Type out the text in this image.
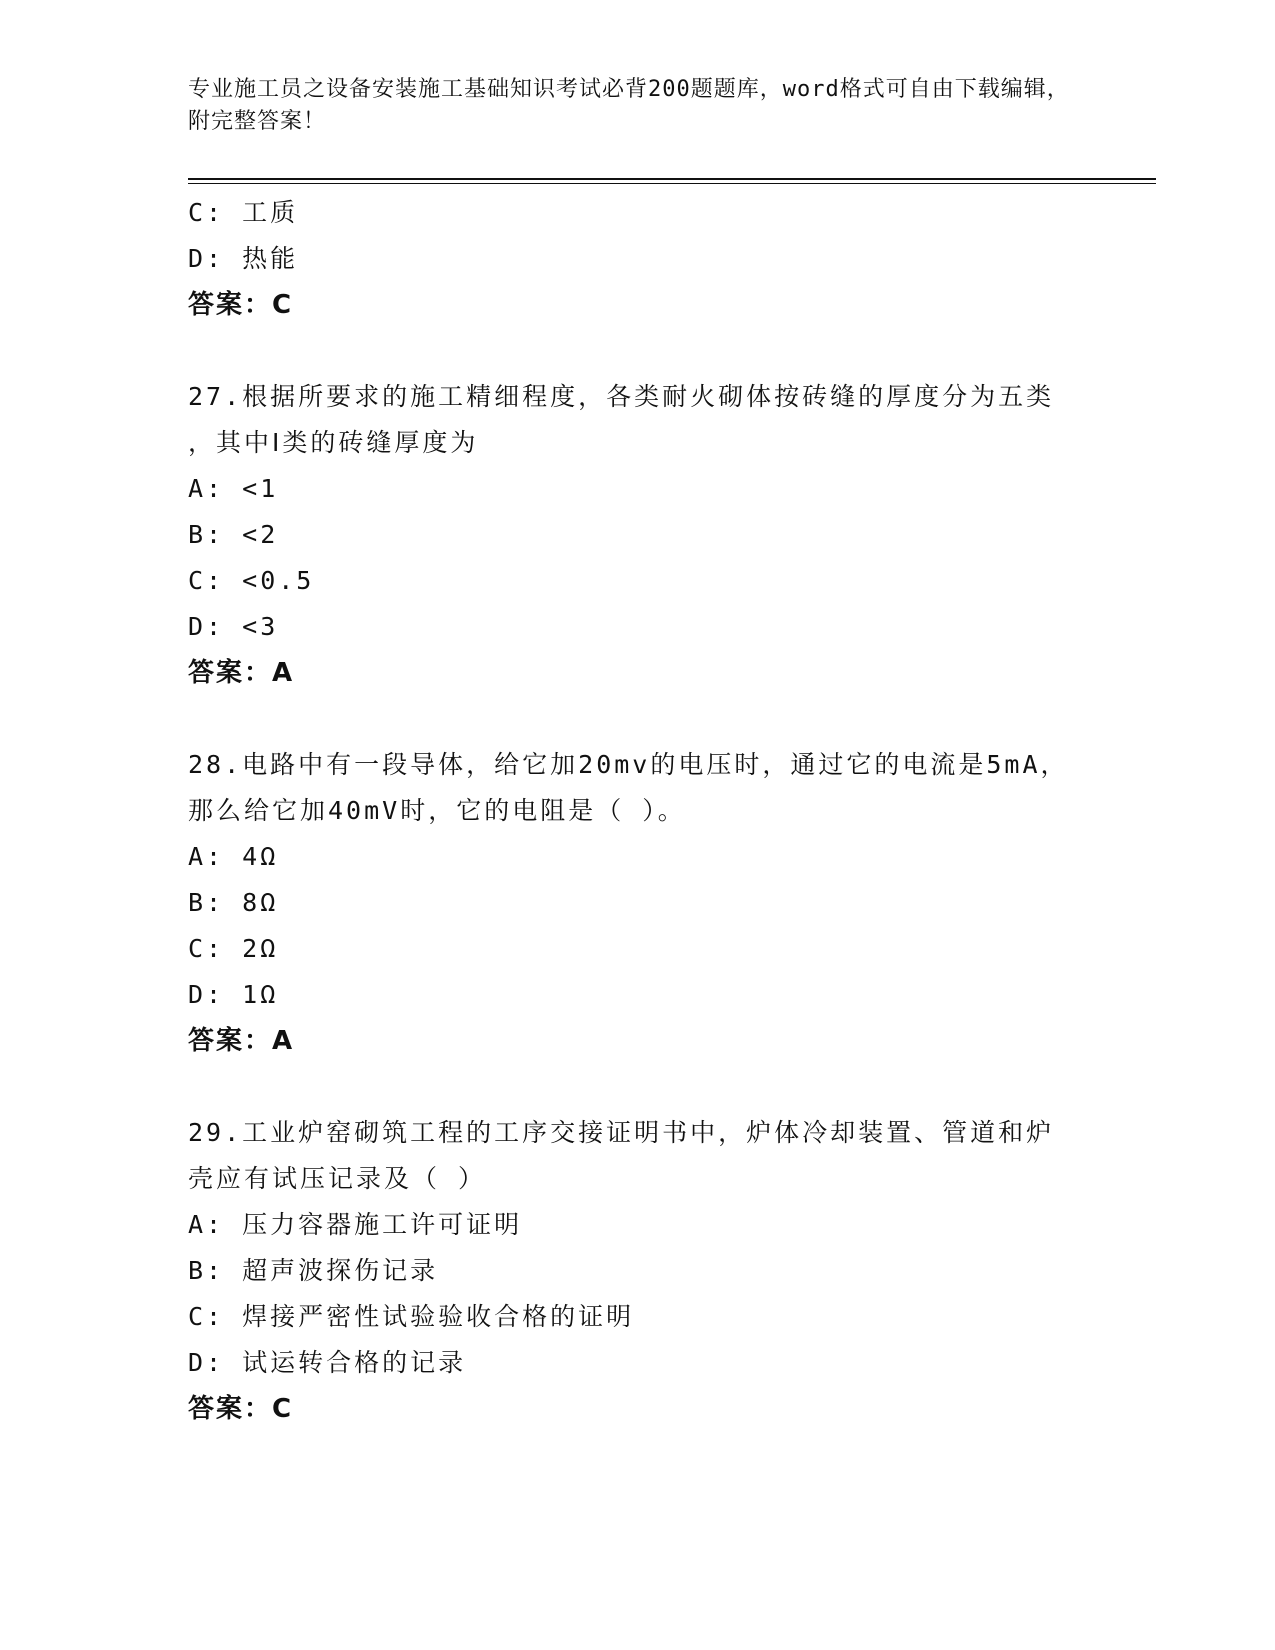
专业施工员之设备安装施工基础知识考试必背200题题库，word格式可自由下载编辑，附完整答案！
C: 工质
D: 热能
答案：C
27.根据所要求的施工精细程度，各类耐火砌体按砖缝的厚度分为五类
，其中Ⅰ类的砖缝厚度为
A: <1
B: <2
C: <0.5
D: <3
答案：A
28.电路中有一段导体，给它加20mv的电压时，通过它的电流是5mA，
那么给它加40mV时，它的电阻是（ ）。
A: 4Ω
B: 8Ω
C: 2Ω
D: 1Ω
答案：A
29.工业炉窑砌筑工程的工序交接证明书中，炉体冷却装置、管道和炉
壳应有试压记录及（ ）
A: 压力容器施工许可证明
B: 超声波探伤记录
C: 焊接严密性试验验收合格的证明
D: 试运转合格的记录
答案：C
